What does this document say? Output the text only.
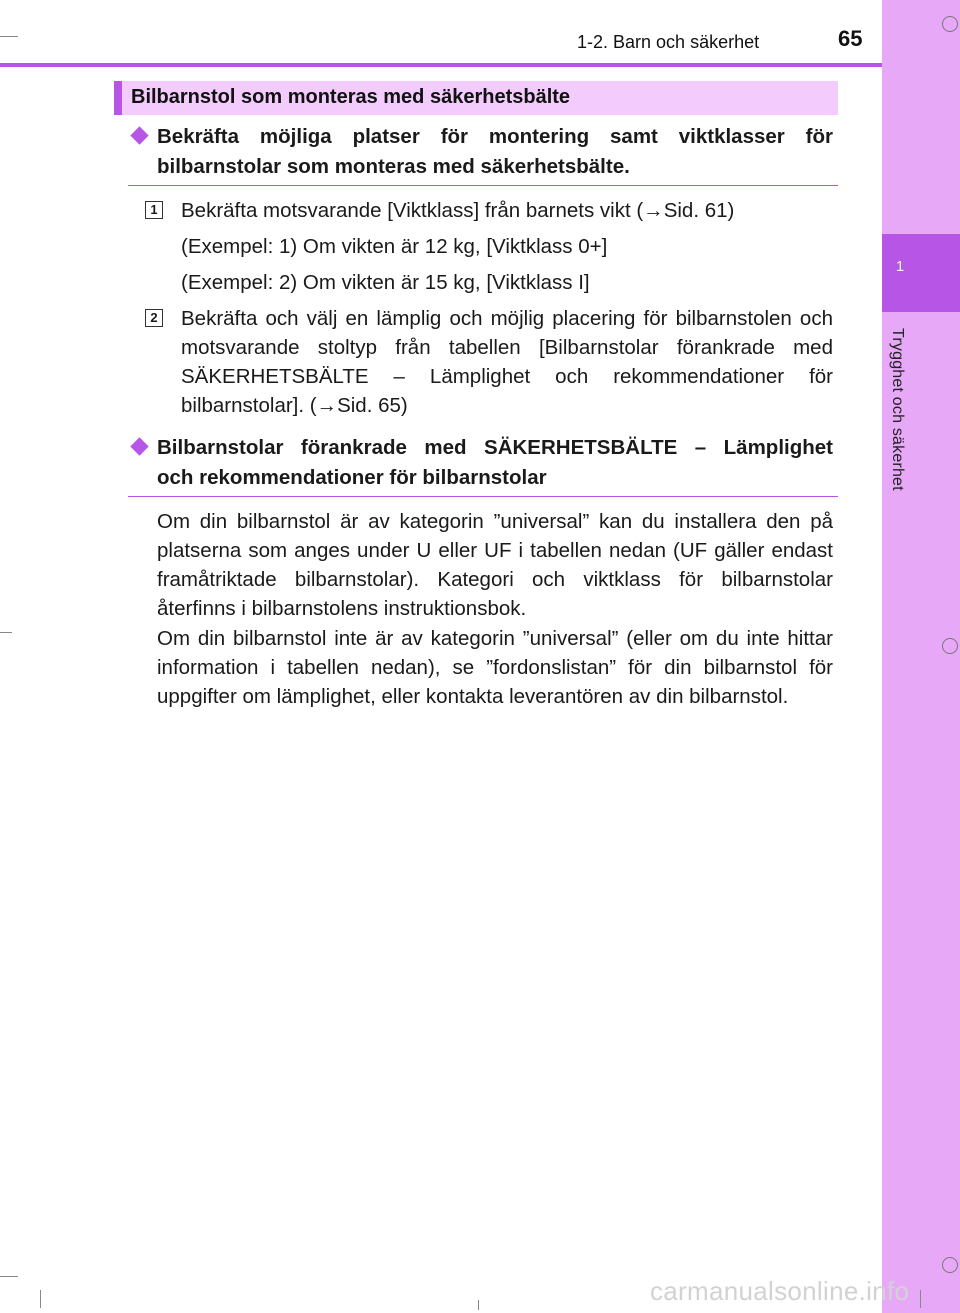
1
Trygghet och säkerhet
1-2. Barn och säkerhet	65
Bilbarnstol som monteras med säkerhetsbälte
Bekräfta möjliga platser för montering samt viktklasser för
bilbarnstolar som monteras med säkerhetsbälte.
1 Bekräfta motsvarande [Viktklass] från barnets vikt (→Sid. 61)
(Exempel: 1) Om vikten är 12 kg, [Viktklass 0+]
(Exempel: 2) Om vikten är 15 kg, [Viktklass I]
2 Bekräfta och välj en lämplig och möjlig placering för bilbarnstolen och motsvarande stoltyp från tabellen [Bilbarnstolar förankrade med SÄKERHETSBÄLTE – Lämplighet och rekommendationer för bilbarnstolar]. (→Sid. 65)
Bilbarnstolar förankrade med SÄKERHETSBÄLTE – Lämplighet
och rekommendationer för bilbarnstolar
Om din bilbarnstol är av kategorin ”universal” kan du installera den på platserna som anges under U eller UF i tabellen nedan (UF gäller endast framåtriktade bilbarnstolar). Kategori och viktklass för bilbarnstolar återfinns i bilbarnstolens instruktionsbok.
Om din bilbarnstol inte är av kategorin ”universal” (eller om du inte hittar information i tabellen nedan), se ”fordonslistan” för din bilbarnstol för uppgifter om lämplighet, eller kontakta leverantören av din bilbarnstol.
carmanualsonline.info
